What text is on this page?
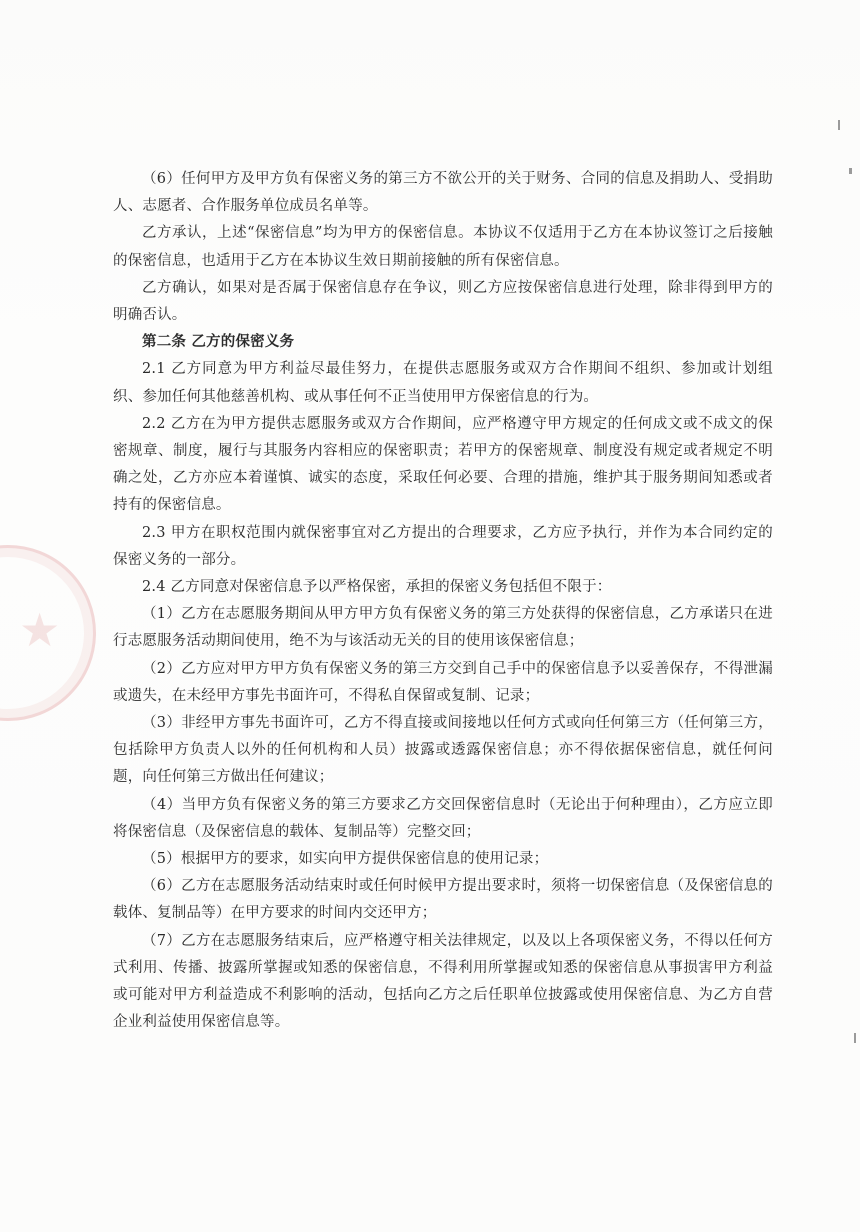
★

（6）任何甲方及甲方负有保密义务的第三方不欲公开的关于财务、合同的信息及捐助人、受捐助人、志愿者、合作服务单位成员名单等。

乙方承认，上述“保密信息”均为甲方的保密信息。本协议不仅适用于乙方在本协议签订之后接触的保密信息，也适用于乙方在本协议生效日期前接触的所有保密信息。

乙方确认，如果对是否属于保密信息存在争议，则乙方应按保密信息进行处理，除非得到甲方的明确否认。

第二条 乙方的保密义务

2.1 乙方同意为甲方利益尽最佳努力，在提供志愿服务或双方合作期间不组织、参加或计划组织、参加任何其他慈善机构、或从事任何不正当使用甲方保密信息的行为。

2.2 乙方在为甲方提供志愿服务或双方合作期间，应严格遵守甲方规定的任何成文或不成文的保密规章、制度，履行与其服务内容相应的保密职责；若甲方的保密规章、制度没有规定或者规定不明确之处，乙方亦应本着谨慎、诚实的态度，采取任何必要、合理的措施，维护其于服务期间知悉或者持有的保密信息。

2.3 甲方在职权范围内就保密事宜对乙方提出的合理要求，乙方应予执行，并作为本合同约定的保密义务的一部分。

2.4 乙方同意对保密信息予以严格保密，承担的保密义务包括但不限于：

（1）乙方在志愿服务期间从甲方甲方负有保密义务的第三方处获得的保密信息，乙方承诺只在进行志愿服务活动期间使用，绝不为与该活动无关的目的使用该保密信息；

（2）乙方应对甲方甲方负有保密义务的第三方交到自己手中的保密信息予以妥善保存，不得泄漏或遗失，在未经甲方事先书面许可，不得私自保留或复制、记录；

（3）非经甲方事先书面许可，乙方不得直接或间接地以任何方式或向任何第三方（任何第三方，包括除甲方负责人以外的任何机构和人员）披露或透露保密信息；亦不得依据保密信息，就任何问题，向任何第三方做出任何建议；

（4）当甲方负有保密义务的第三方要求乙方交回保密信息时（无论出于何种理由），乙方应立即将保密信息（及保密信息的载体、复制品等）完整交回；

（5）根据甲方的要求，如实向甲方提供保密信息的使用记录；

（6）乙方在志愿服务活动结束时或任何时候甲方提出要求时，须将一切保密信息（及保密信息的载体、复制品等）在甲方要求的时间内交还甲方；

（7）乙方在志愿服务结束后，应严格遵守相关法律规定，以及以上各项保密义务，不得以任何方式利用、传播、披露所掌握或知悉的保密信息，不得利用所掌握或知悉的保密信息从事损害甲方利益或可能对甲方利益造成不利影响的活动，包括向乙方之后任职单位披露或使用保密信息、为乙方自营企业利益使用保密信息等。
